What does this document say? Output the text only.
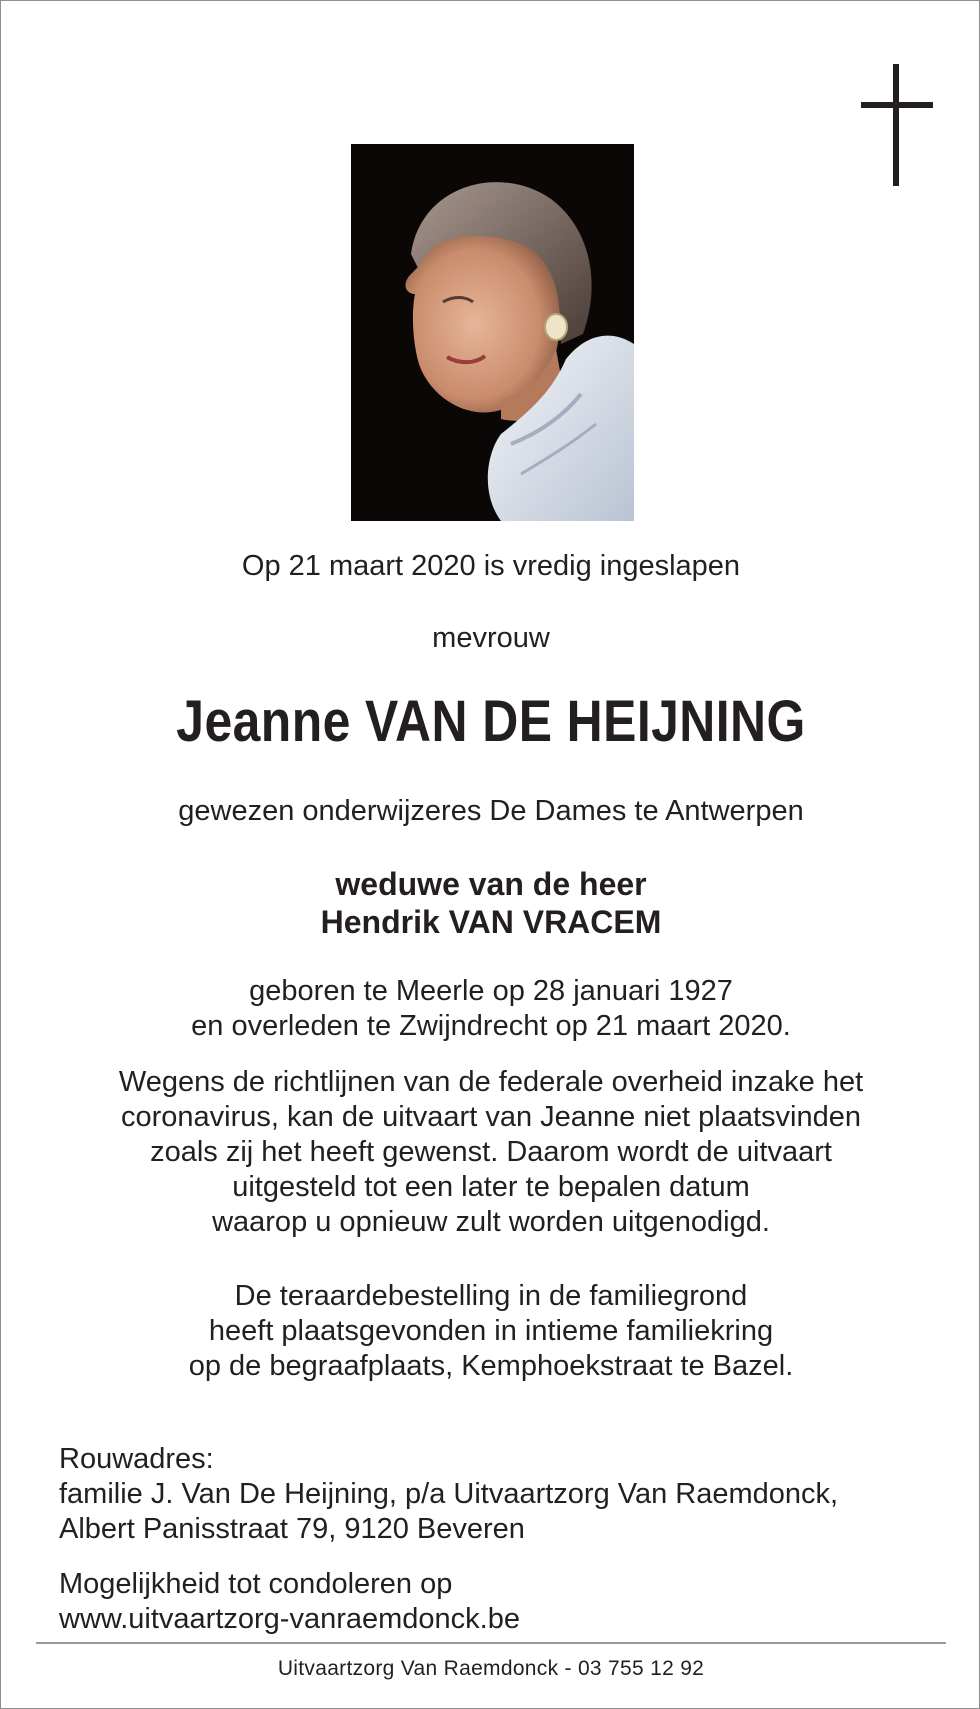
Op 21 maart 2020 is vredig ingeslapen
mevrouw
Jeanne VAN DE HEIJNING
gewezen onderwijzeres De Dames te Antwerpen
weduwe van de heer
Hendrik VAN VRACEM
geboren te Meerle op 28 januari 1927
en overleden te Zwijndrecht op 21 maart 2020.
Wegens de richtlijnen van de federale overheid inzake het
coronavirus, kan de uitvaart van Jeanne niet plaatsvinden
zoals zij het heeft gewenst. Daarom wordt de uitvaart
uitgesteld tot een later te bepalen datum
waarop u opnieuw zult worden uitgenodigd.
De teraardebestelling in de familiegrond
heeft plaatsgevonden in intieme familiekring
op de begraafplaats, Kemphoekstraat te Bazel.
Rouwadres:
familie J. Van De Heijning, p/a Uitvaartzorg Van Raemdonck,
Albert Panisstraat 79, 9120 Beveren
Mogelijkheid tot condoleren op
www.uitvaartzorg-vanraemdonck.be
Uitvaartzorg Van Raemdonck - 03 755 12 92
